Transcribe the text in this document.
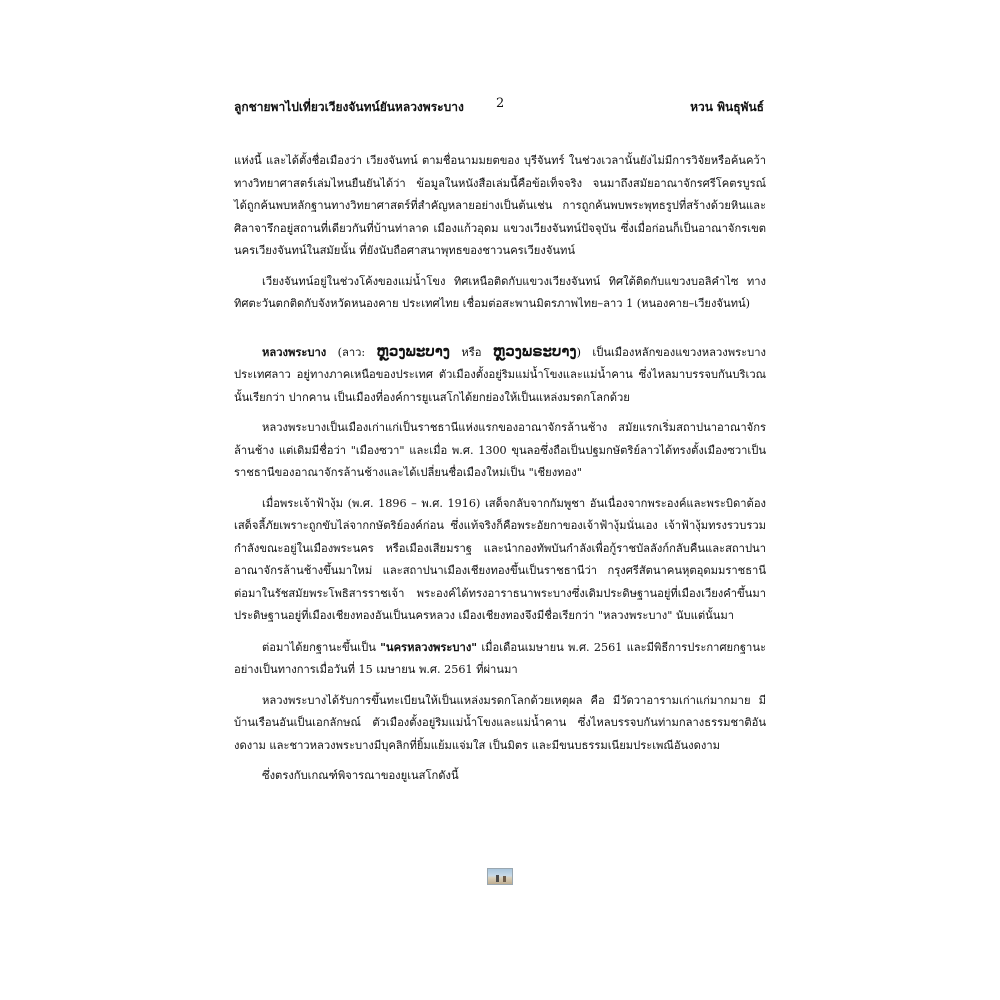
ลูกชายพาไปเที่ยวเวียงจันทน์ยันหลวงพระบาง 2	หวน พินธุพันธ์

แห่งนี้ และได้ตั้งชื่อเมืองว่า เวียงจันทน์ ตามชื่อนามมยตของ บุรีจันทร์ ในช่วงเวลานั้นยังไม่มีการวิจัยหรือค้นคว้าทางวิทยาศาสตร์เล่มไหนยืนยันได้ว่า ข้อมูลในหนังสือเล่มนี้คือข้อเท็จจริง จนมาถึงสมัยอาณาจักรศรีโคตรบูรณ์ ได้ถูกค้นพบหลักฐานทางวิทยาศาสตร์ที่สำคัญหลายอย่างเป็นต้นเช่น การถูกค้นพบพระพุทธรูปที่สร้างด้วยหินและศิลาจารึกอยู่สถานที่เดียวกันที่บ้านท่าลาด เมืองแก้วอุดม แขวงเวียงจันทน์ปัจจุบัน ซึ่งเมื่อก่อนก็เป็นอาณาจักรเขตนครเวียงจันทน์ในสมัยนั้น ที่ยังนับถือศาสนาพุทธของชาวนครเวียงจันทน์

เวียงจันทน์อยู่ในช่วงโค้งของแม่น้ำโขง ทิศเหนือติดกับแขวงเวียงจันทน์ ทิศใต้ติดกับแขวงบอลิคำไซ ทางทิศตะวันตกติดกับจังหวัดหนองคาย ประเทศไทย เชื่อมต่อสะพานมิตรภาพไทย–ลาว 1 (หนองคาย–เวียงจันทน์)

หลวงพระบาง (ลาว: ຫຼວງພະບາງ หรือ ຫຼວງພຣະບາງ) เป็นเมืองหลักของแขวงหลวงพระบาง ประเทศลาว อยู่ทางภาคเหนือของประเทศ ตัวเมืองตั้งอยู่ริมแม่น้ำโขงและแม่น้ำคาน ซึ่งไหลมาบรรจบกันบริเวณนั้นเรียกว่า ปากคาน เป็นเมืองที่องค์การยูเนสโกได้ยกย่องให้เป็นแหล่งมรดกโลกด้วย

หลวงพระบางเป็นเมืองเก่าแก่เป็นราชธานีแห่งแรกของอาณาจักรล้านช้าง สมัยแรกเริ่มสถาปนาอาณาจักรล้านช้าง แต่เดิมมีชื่อว่า "เมืองซวา" และเมื่อ พ.ศ. 1300 ขุนลอซึ่งถือเป็นปฐมกษัตริย์ลาวได้ทรงตั้งเมืองซวาเป็นราชธานีของอาณาจักรล้านช้างและได้เปลี่ยนชื่อเมืองใหม่เป็น "เชียงทอง"

เมื่อพระเจ้าฟ้างุ้ม (พ.ศ. 1896 – พ.ศ. 1916) เสด็จกลับจากกัมพูชา อันเนื่องจากพระองค์และพระบิดาต้องเสด็จลี้ภัยเพราะถูกขับไล่จากกษัตริย์องค์ก่อน ซึ่งแท้จริงก็คือพระอัยกาของเจ้าฟ้างุ้มนั่นเอง เจ้าฟ้างุ้มทรงรวบรวมกำลังขณะอยู่ในเมืองพระนคร หรือเมืองเสียมราฐ และนำกองทัพบันกำลังเพื่อกู้ราชบัลลังก์กลับคืนและสถาปนาอาณาจักรล้านช้างขึ้นมาใหม่ และสถาปนาเมืองเชียงทองขึ้นเป็นราชธานีว่า กรุงศรีสัตนาคนหุตอุดมมราชธานี ต่อมาในรัชสมัยพระโพธิสารราชเจ้า พระองค์ได้ทรงอาราธนาพระบางซึ่งเดิมประดิษฐานอยู่ที่เมืองเวียงคำขึ้นมาประดิษฐานอยู่ที่เมืองเชียงทองอันเป็นนครหลวง เมืองเชียงทองจึงมีชื่อเรียกว่า "หลวงพระบาง" นับแต่นั้นมา

ต่อมาได้ยกฐานะขึ้นเป็น "นครหลวงพระบาง" เมื่อเดือนเมษายน พ.ศ. 2561 และมีพิธีการประกาศยกฐานะอย่างเป็นทางการเมื่อวันที่ 15 เมษายน พ.ศ. 2561 ที่ผ่านมา

หลวงพระบางได้รับการขึ้นทะเบียนให้เป็นแหล่งมรดกโลกด้วยเหตุผล คือ มีวัดวาอารามเก่าแก่มากมาย มีบ้านเรือนอันเป็นเอกลักษณ์ ตัวเมืองตั้งอยู่ริมแม่น้ำโขงและแม่น้ำคาน ซึ่งไหลบรรจบกันท่ามกลางธรรมชาติอันงดงาม และชาวหลวงพระบางมีบุคลิกที่ยิ้มแย้มแจ่มใส เป็นมิตร และมีขนบธรรมเนียมประเพณีอันงดงาม

ซึ่งตรงกับเกณฑ์พิจารณาของยูเนสโกดังนี้
